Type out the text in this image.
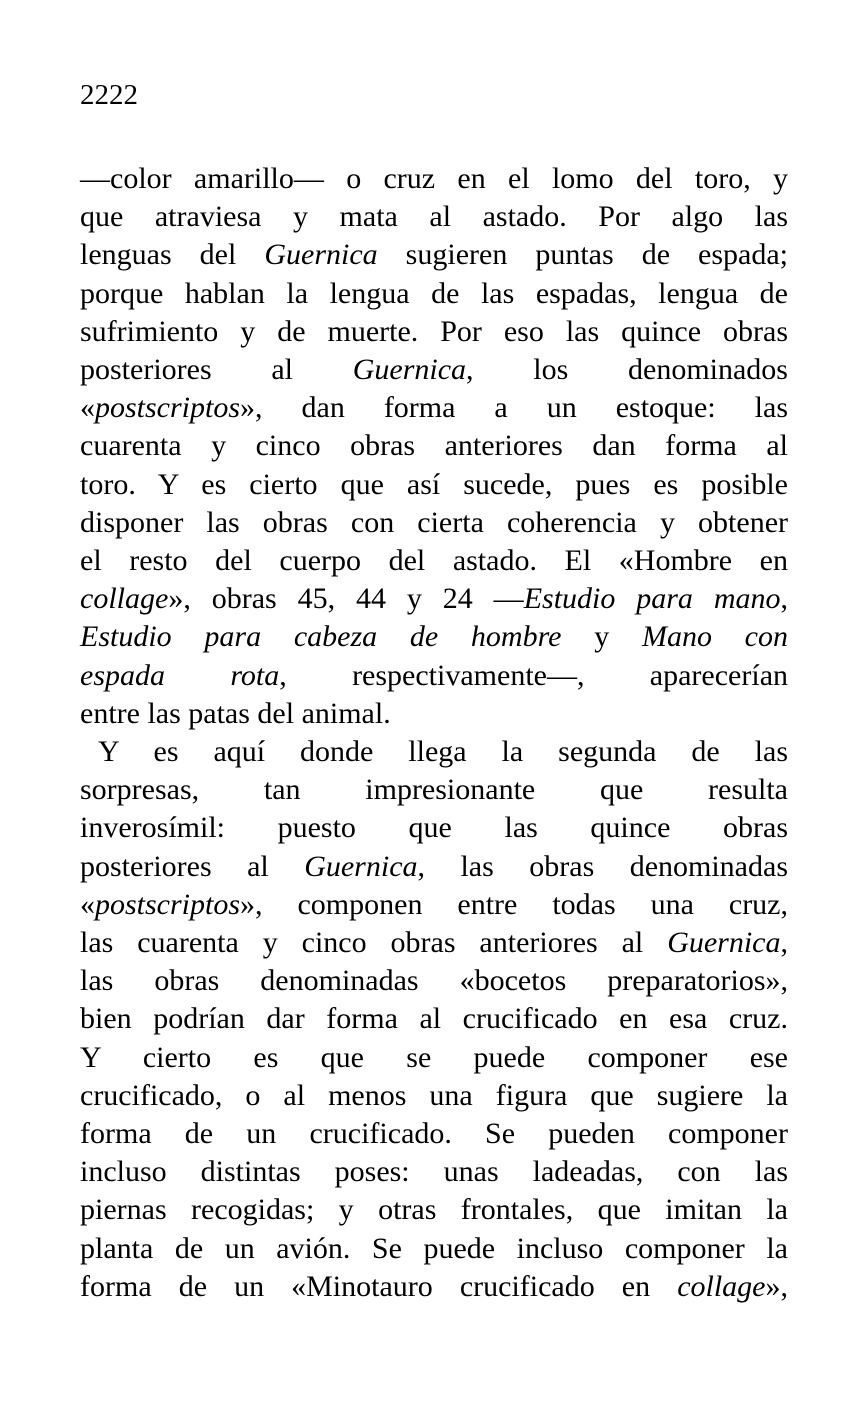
2222
—color amarillo— o cruz en el lomo del toro, y
que atraviesa y mata al astado. Por algo las
lenguas del Guernica sugieren puntas de espada;
porque hablan la lengua de las espadas, lengua de
sufrimiento y de muerte. Por eso las quince obras
posteriores al Guernica, los denominados
«postscriptos», dan forma a un estoque: las
cuarenta y cinco obras anteriores dan forma al
toro. Y es cierto que así sucede, pues es posible
disponer las obras con cierta coherencia y obtener
el resto del cuerpo del astado. El «Hombre en
collage», obras 45, 44 y 24 —Estudio para mano,
Estudio para cabeza de hombre y Mano con
espada rota, respectivamente—, aparecerían
entre las patas del animal.
Y es aquí donde llega la segunda de las
sorpresas, tan impresionante que resulta
inverosímil: puesto que las quince obras
posteriores al Guernica, las obras denominadas
«postscriptos», componen entre todas una cruz,
las cuarenta y cinco obras anteriores al Guernica,
las obras denominadas «bocetos preparatorios»,
bien podrían dar forma al crucificado en esa cruz.
Y cierto es que se puede componer ese
crucificado, o al menos una figura que sugiere la
forma de un crucificado. Se pueden componer
incluso distintas poses: unas ladeadas, con las
piernas recogidas; y otras frontales, que imitan la
planta de un avión. Se puede incluso componer la
forma de un «Minotauro crucificado en collage»,
